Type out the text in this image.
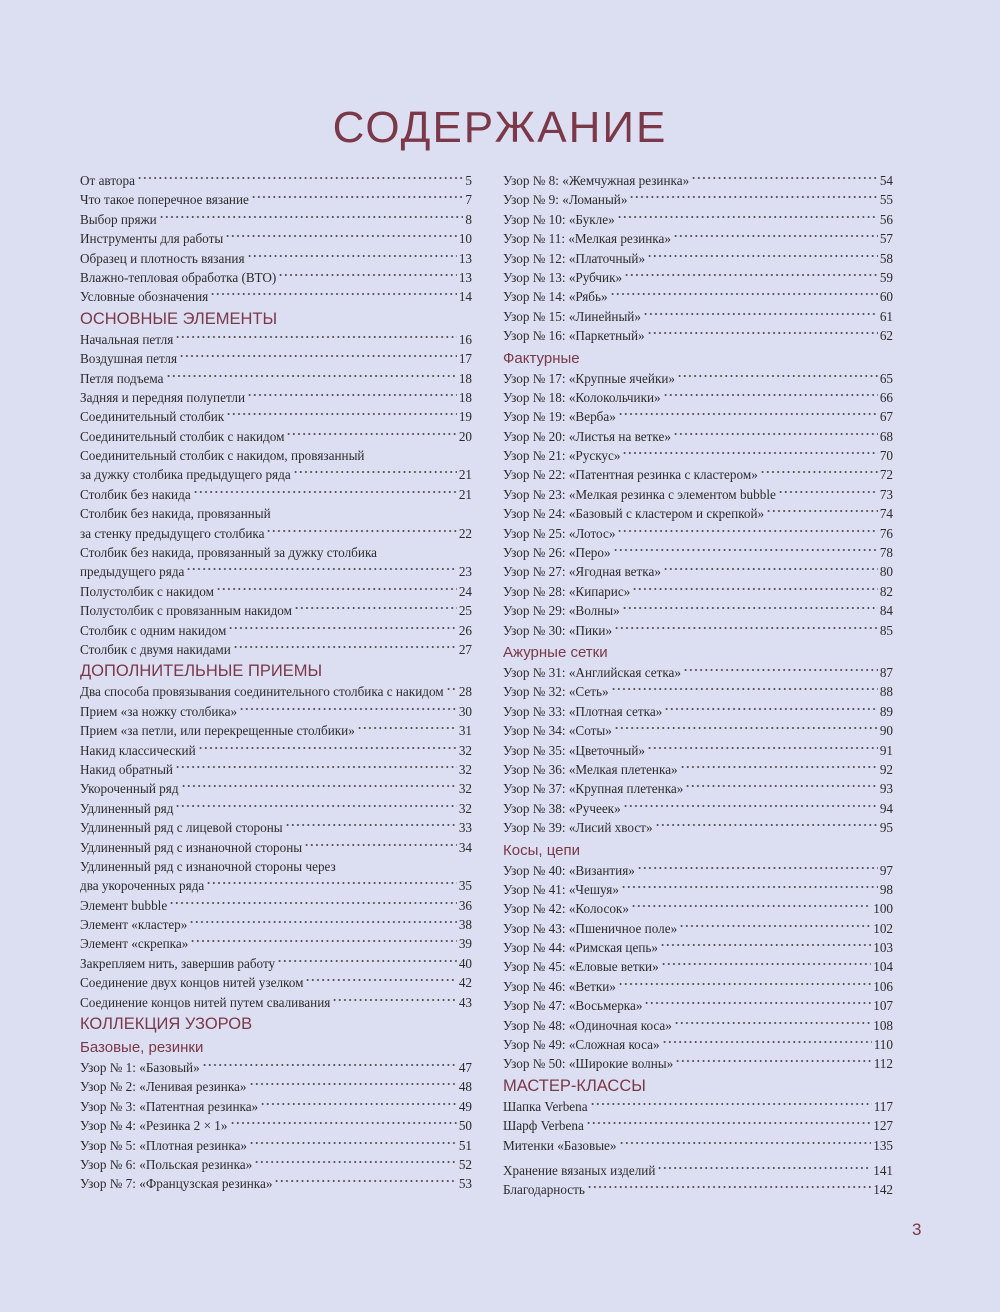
СОДЕРЖАНИЕ
От автора	5
Что такое поперечное вязание	7
Выбор пряжи	8
Инструменты для работы	10
Образец и плотность вязания	13
Влажно-тепловая обработка (ВТО)	13
Условные обозначения	14
ОСНОВНЫЕ ЭЛЕМЕНТЫ
Начальная петля	16
Воздушная петля	17
Петля подъема	18
Задняя и передняя полупетли	18
Соединительный столбик	19
Соединительный столбик с накидом	20
Соединительный столбик с накидом, провязанный
за дужку столбика предыдущего ряда	21
Столбик без накида	21
Столбик без накида, провязанный
за стенку предыдущего столбика	22
Столбик без накида, провязанный за дужку столбика
предыдущего ряда	23
Полустолбик с накидом	24
Полустолбик с провязанным накидом	25
Столбик с одним накидом	26
Столбик с двумя накидами	27
ДОПОЛНИТЕЛЬНЫЕ ПРИЕМЫ
Два способа провязывания соединительного столбика с накидом 28
Прием «за ножку столбика»	30
Прием «за петли, или перекрещенные столбики»	31
Накид классический	32
Накид обратный	32
Укороченный ряд	32
Удлиненный ряд	32
Удлиненный ряд с лицевой стороны	33
Удлиненный ряд с изнаночной стороны	34
Удлиненный ряд с изнаночной стороны через
два укороченных ряда	35
Элемент bubble	36
Элемент «кластер»	38
Элемент «скрепка»	39
Закрепляем нить, завершив работу	40
Соединение двух концов нитей узелком	42
Соединение концов нитей путем сваливания	43
КОЛЛЕКЦИЯ УЗОРОВ
Базовые, резинки
Узор № 1: «Базовый»	47
Узор № 2: «Ленивая резинка»	48
Узор № 3: «Патентная резинка»	49
Узор № 4: «Резинка 2 × 1»	50
Узор № 5: «Плотная резинка»	51
Узор № 6: «Польская резинка»	52
Узор № 7: «Французская резинка»	53
Узор № 8: «Жемчужная резинка»	54
Узор № 9: «Ломаный»	55
Узор № 10: «Букле»	56
Узор № 11: «Мелкая резинка»	57
Узор № 12: «Платочный»	58
Узор № 13: «Рубчик»	59
Узор № 14: «Рябь»	60
Узор № 15: «Линейный»	61
Узор № 16: «Паркетный»	62
Фактурные
Узор № 17: «Крупные ячейки»	65
Узор № 18: «Колокольчики»	66
Узор № 19: «Верба»	67
Узор № 20: «Листья на ветке»	68
Узор № 21: «Рускус»	70
Узор № 22: «Патентная резинка с кластером»	72
Узор № 23: «Мелкая резинка с элементом bubble	73
Узор № 24: «Базовый с кластером и скрепкой»	74
Узор № 25: «Лотос»	76
Узор № 26: «Перо»	78
Узор № 27: «Ягодная ветка»	80
Узор № 28: «Кипарис»	82
Узор № 29: «Волны»	84
Узор № 30: «Пики»	85
Ажурные сетки
Узор № 31: «Английская сетка»	87
Узор № 32: «Сеть»	88
Узор № 33: «Плотная сетка»	89
Узор № 34: «Соты»	90
Узор № 35: «Цветочный»	91
Узор № 36: «Мелкая плетенка»	92
Узор № 37: «Крупная плетенка»	93
Узор № 38: «Ручеек»	94
Узор № 39: «Лисий хвост»	95
Косы, цепи
Узор № 40: «Византия»	97
Узор № 41: «Чешуя»	98
Узор № 42: «Колосок»	100
Узор № 43: «Пшеничное поле»	102
Узор № 44: «Римская цепь»	103
Узор № 45: «Еловые ветки»	104
Узор № 46: «Ветки»	106
Узор № 47: «Восьмерка»	107
Узор № 48: «Одиночная коса»	108
Узор № 49: «Сложная коса»	110
Узор № 50: «Широкие волны»	112
МАСТЕР-КЛАССЫ
Шапка Verbena	117
Шарф Verbena	127
Митенки «Базовые»	135
Хранение вязаных изделий	141
Благодарность	142
3
